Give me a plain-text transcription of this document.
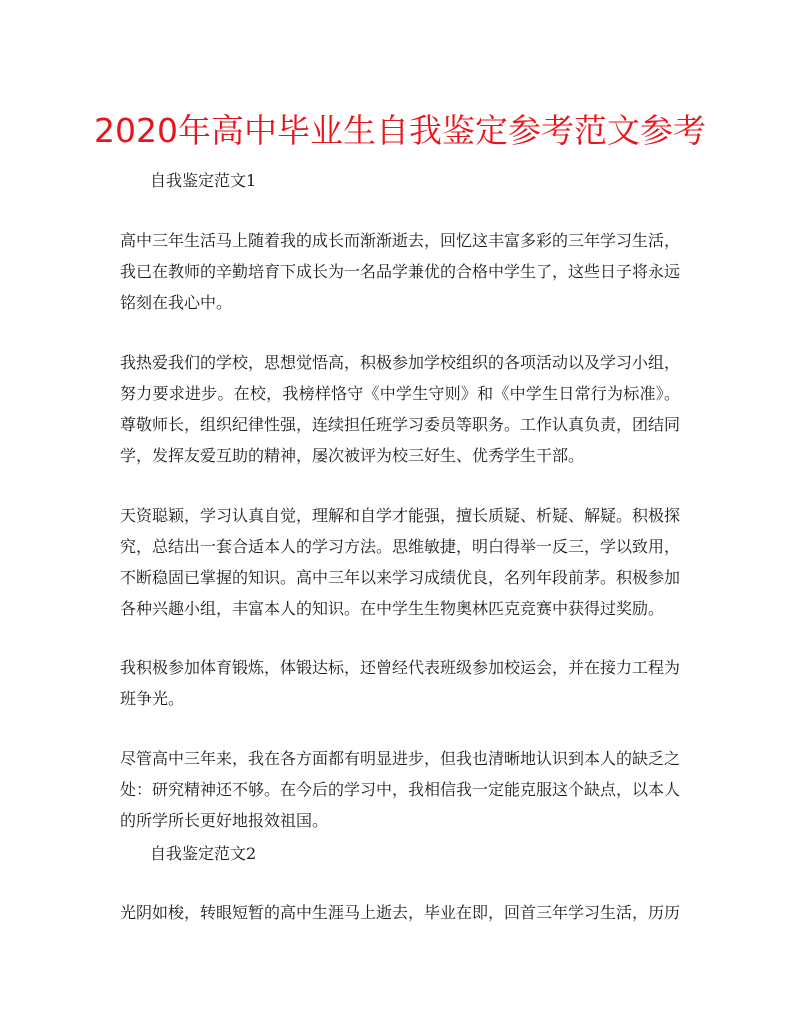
2020年高中毕业生自我鉴定参考范文参考
自我鉴定范文1
高中三年生活马上随着我的成长而渐渐逝去，回忆这丰富多彩的三年学习生活，我已在教师的辛勤培育下成长为一名品学兼优的合格中学生了，这些日子将永远铭刻在我心中。
我热爱我们的学校，思想觉悟高，积极参加学校组织的各项活动以及学习小组，努力要求进步。在校，我榜样恪守《中学生守则》和《中学生日常行为标准》。尊敬师长，组织纪律性强，连续担任班学习委员等职务。工作认真负责，团结同学，发挥友爱互助的精神，屡次被评为校三好生、优秀学生干部。
天资聪颖，学习认真自觉，理解和自学才能强，擅长质疑、析疑、解疑。积极探究，总结出一套合适本人的学习方法。思维敏捷，明白得举一反三，学以致用，不断稳固已掌握的知识。高中三年以来学习成绩优良，名列年段前茅。积极参加各种兴趣小组，丰富本人的知识。在中学生生物奥林匹克竞赛中获得过奖励。
我积极参加体育锻炼，体锻达标，还曾经代表班级参加校运会，并在接力工程为班争光。
尽管高中三年来，我在各方面都有明显进步，但我也清晰地认识到本人的缺乏之处：研究精神还不够。在今后的学习中，我相信我一定能克服这个缺点，以本人的所学所长更好地报效祖国。
自我鉴定范文2
光阴如梭，转眼短暂的高中生涯马上逝去，毕业在即，回首三年学习生活，历历
